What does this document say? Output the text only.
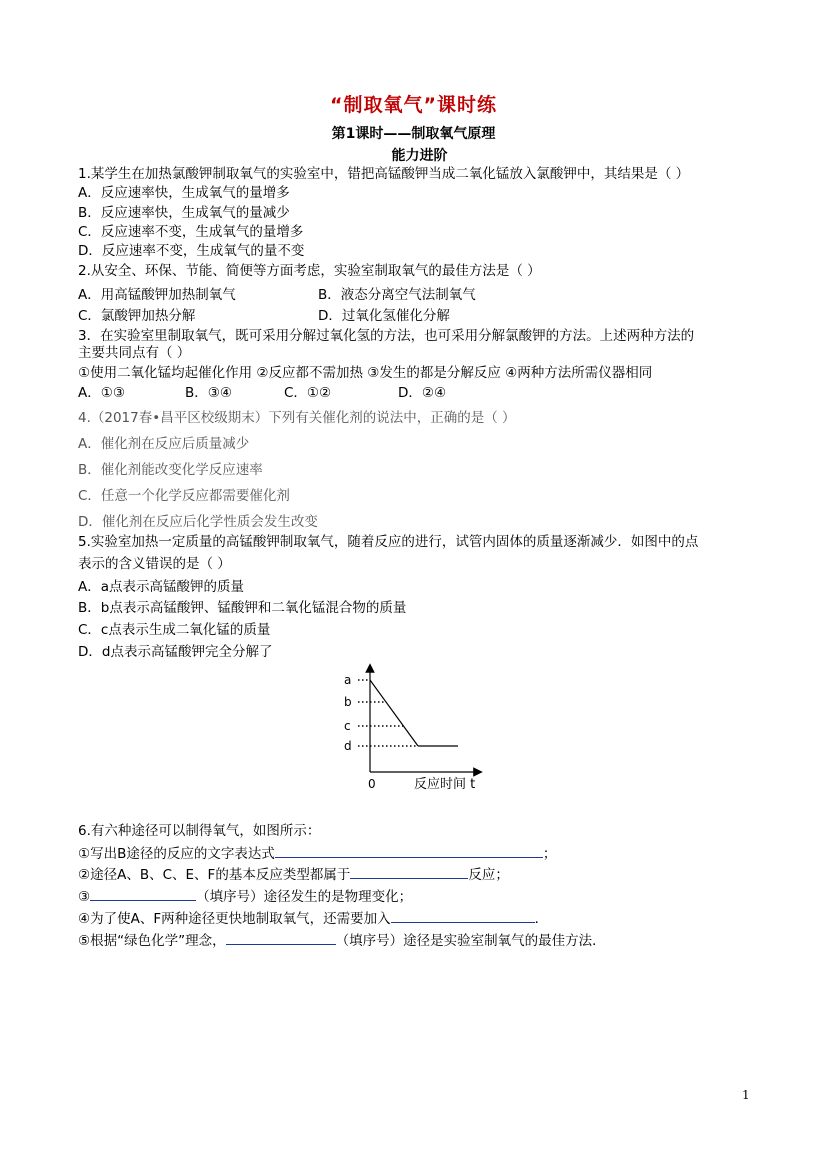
“制取氧气”课时练
第1课时——制取氧气原理
能力进阶
1.某学生在加热氯酸钾制取氧气的实验室中，错把高锰酸钾当成二氧化锰放入氯酸钾中，其结果是（ ）
A．反应速率快，生成氧气的量增多
B．反应速率快，生成氧气的量减少
C．反应速率不变，生成氧气的量增多
D．反应速率不变，生成氧气的量不变
2.从安全、环保、节能、简便等方面考虑，实验室制取氧气的最佳方法是（ ）
A．用高锰酸钾加热制氧气	B．液态分离空气法制氧气
C．氯酸钾加热分解	D．过氧化氢催化分解
3．在实验室里制取氧气，既可采用分解过氧化氢的方法，也可采用分解氯酸钾的方法。上述两种方法的
主要共同点有（ ）
①使用二氧化锰均起催化作用 ②反应都不需加热 ③发生的都是分解反应 ④两种方法所需仪器相同
A．①③	B．③④	C．①②	D．②④
4.（2017春•昌平区校级期末）下列有关催化剂的说法中，正确的是（ ）
A．催化剂在反应后质量减少
B．催化剂能改变化学反应速率
C．任意一个化学反应都需要催化剂
D．催化剂在反应后化学性质会发生改变
5.实验室加热一定质量的高锰酸钾制取氧气，随着反应的进行，试管内固体的质量逐渐减少．如图中的点
表示的含义错误的是（ ）
A．a点表示高锰酸钾的质量
B．b点表示高锰酸钾、锰酸钾和二氧化锰混合物的质量
C．c点表示生成二氧化锰的质量
D．d点表示高锰酸钾完全分解了
a
b
c
d
0	反应时间 t
6.有六种途径可以制得氧气，如图所示：
①写出B途径的反应的文字表达式	；
②途径A、B、C、E、F的基本反应类型都属于	反应；
③	（填序号）途径发生的是物理变化；
④为了使A、F两种途径更快地制取氧气，还需要加入	．
⑤根据“绿色化学”理念，	（填序号）途径是实验室制氧气的最佳方法．
1
